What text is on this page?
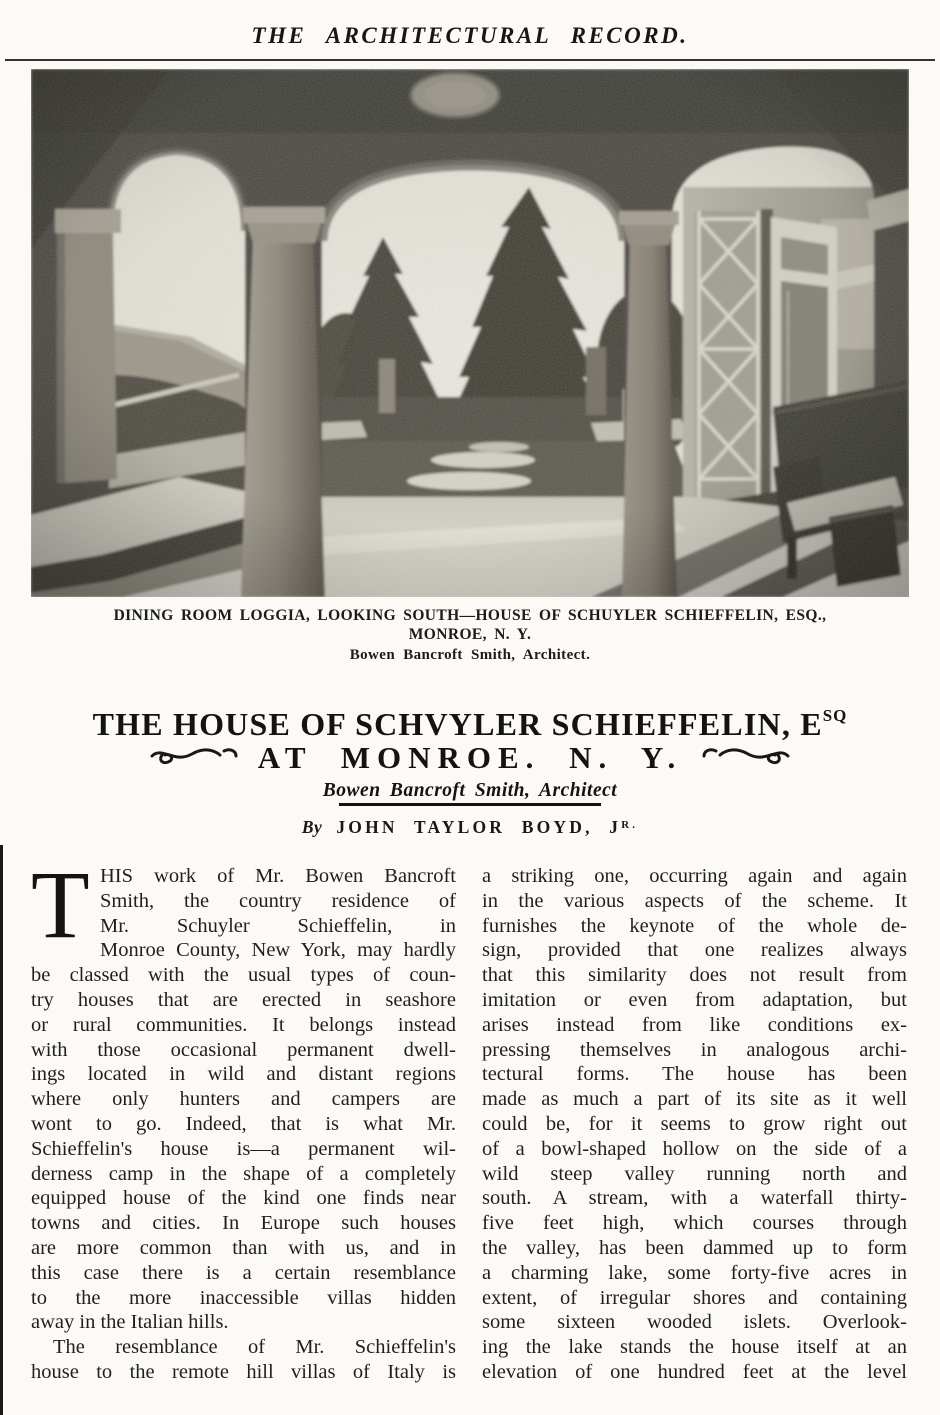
THE ARCHITECTURAL RECORD.
DINING ROOM LOGGIA, LOOKING SOUTH—HOUSE OF SCHUYLER SCHIEFFELIN, ESQ.,
MONROE, N. Y.
Bowen Bancroft Smith, Architect.
THE HOUSE OF SCHVYLER SCHIEFFELIN, $E^{SQ}$
AT MONROE. N. Y.
Bowen Bancroft Smith, Architect
By JOHN TAYLOR BOYD, $J^{R.}$
T HIS work of Mr. Bowen Bancroft
Smith, the country residence of
Mr. Schuyler Schieffelin, in
Monroe County, New York, may hardly
be classed with the usual types of coun-
try houses that are erected in seashore
or rural communities. It belongs instead
with those occasional permanent dwell-
ings located in wild and distant regions
where only hunters and campers are
wont to go. Indeed, that is what Mr.
Schieffelin's house is—a permanent wil-
derness camp in the shape of a completely
equipped house of the kind one finds near
towns and cities. In Europe such houses
are more common than with us, and in
this case there is a certain resemblance
to the more inaccessible villas hidden
away in the Italian hills.
The resemblance of Mr. Schieffelin's
house to the remote hill villas of Italy is
a striking one, occurring again and again
in the various aspects of the scheme. It
furnishes the keynote of the whole de-
sign, provided that one realizes always
that this similarity does not result from
imitation or even from adaptation, but
arises instead from like conditions ex-
pressing themselves in analogous archi-
tectural forms. The house has been
made as much a part of its site as it well
could be, for it seems to grow right out
of a bowl-shaped hollow on the side of a
wild steep valley running north and
south. A stream, with a waterfall thirty-
five feet high, which courses through
the valley, has been dammed up to form
a charming lake, some forty-five acres in
extent, of irregular shores and containing
some sixteen wooded islets. Overlook-
ing the lake stands the house itself at an
elevation of one hundred feet at the level
